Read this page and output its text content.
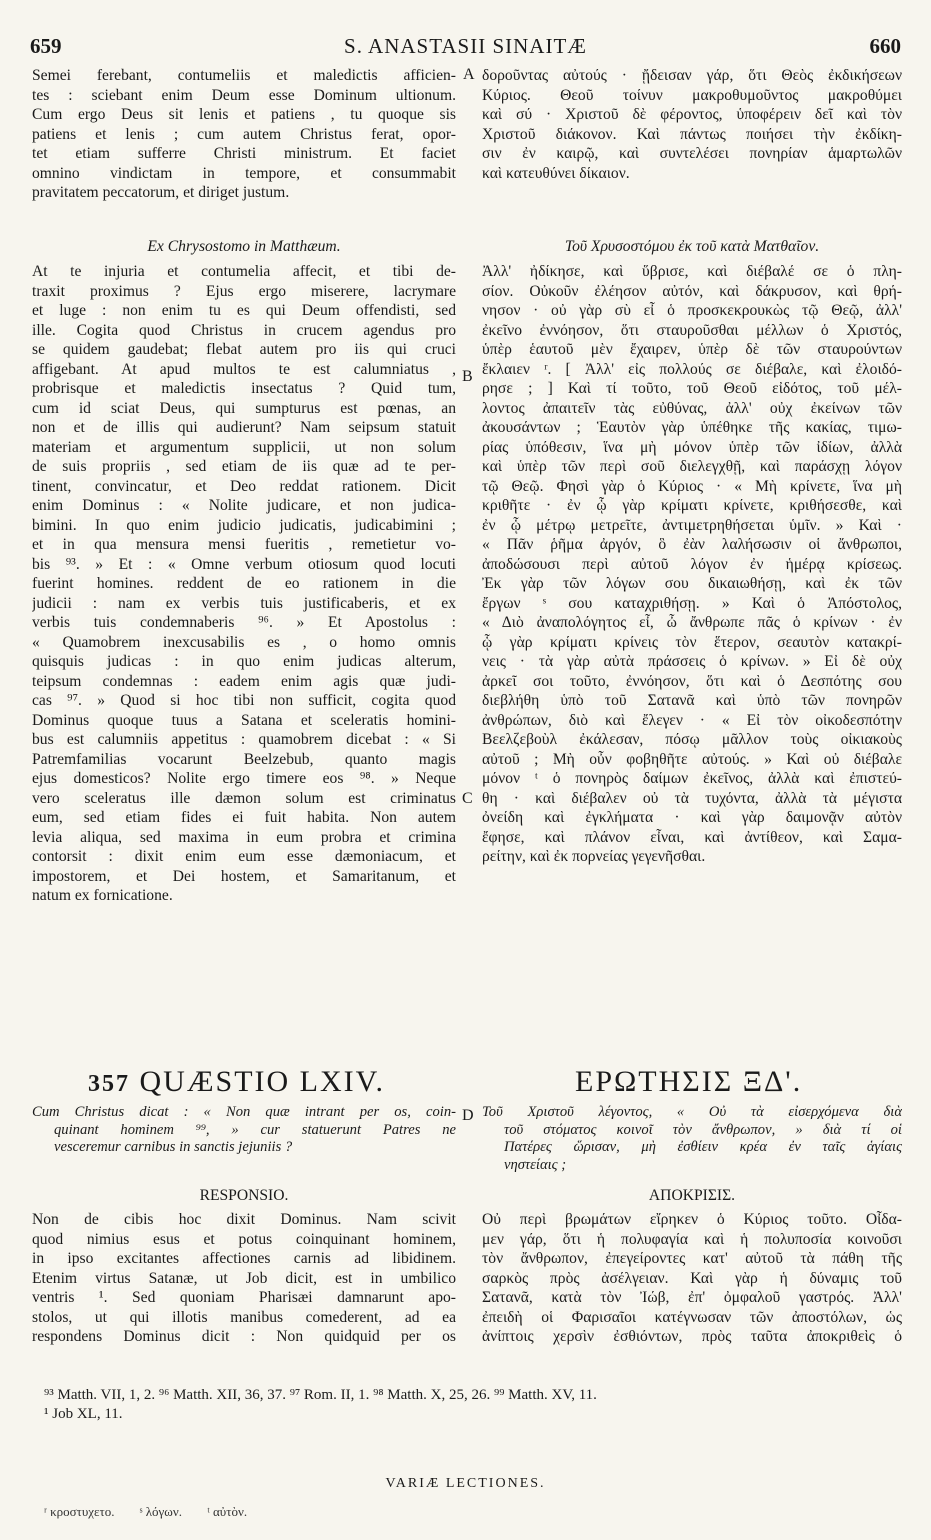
659	S. ANASTASII SINAITÆ	660
A
B
C
D
Semei ferebant, contumeliis et maledictis afficien-
tes : sciebant enim Deum esse Dominum ultionum.
Cum ergo Deus sit lenis et patiens , tu quoque sis
patiens et lenis ; cum autem Christus ferat, opor-
tet etiam sufferre Christi ministrum. Et faciet
omnino vindictam in tempore, et consummabit
pravitatem peccatorum, et diriget justum.
Ex Chrysostomo in Matthæum.
At te injuria et contumelia affecit, et tibi de-
traxit proximus ? Ejus ergo miserere, lacrymare
et luge : non enim tu es qui Deum offendisti, sed
ille. Cogita quod Christus in crucem agendus pro
se quidem gaudebat; flebat autem pro iis qui cruci
affigebant. At apud multos te est calumniatus ,
probrisque et maledictis insectatus ? Quid tum,
cum id sciat Deus, qui sumpturus est pœnas, an
non et de illis qui audierunt? Nam seipsum statuit
materiam et argumentum supplicii, ut non solum
de suis propriis , sed etiam de iis quæ ad te per-
tinent, convincatur, et Deo reddat rationem. Dicit
enim Dominus : « Nolite judicare, et non judica-
bimini. In quo enim judicio judicatis, judicabimini ;
et in qua mensura mensi fueritis , remetietur vo-
bis ⁹³. » Et : « Omne verbum otiosum quod locuti
fuerint homines. reddent de eo rationem in die
judicii : nam ex verbis tuis justificaberis, et ex
verbis tuis condemnaberis ⁹⁶. » Et Apostolus :
« Quamobrem inexcusabilis es , o homo omnis
quisquis judicas : in quo enim judicas alterum,
teipsum condemnas : eadem enim agis quæ judi-
cas ⁹⁷. » Quod si hoc tibi non sufficit, cogita quod
Dominus quoque tuus a Satana et sceleratis homini-
bus est calumniis appetitus : quamobrem dicebat : « Si
Patremfamilias vocarunt Beelzebub, quanto magis
ejus domesticos? Nolite ergo timere eos ⁹⁸. » Neque
vero sceleratus ille dæmon solum est criminatus
eum, sed etiam fides ei fuit habita. Non autem
levia aliqua, sed maxima in eum probra et crimina
contorsit : dixit enim eum esse dæmoniacum, et
impostorem, et Dei hostem, et Samaritanum, et
natum ex fornicatione.
δοροῦντας αὐτούς · ᾔδεισαν γάρ, ὅτι Θεὸς ἐκδικήσεων
Κύριος. Θεοῦ τοίνυν μακροθυμοῦντος μακροθύμει
καὶ σύ · Χριστοῦ δὲ φέροντος, ὑποφέρειν δεῖ καὶ τὸν
Χριστοῦ διάκονον. Καὶ πάντως ποιήσει τὴν ἐκδίκη-
σιν ἐν καιρῷ, καὶ συντελέσει πονηρίαν ἁμαρτωλῶν
καὶ κατευθύνει δίκαιον.
Τοῦ Χρυσοστόμου ἐκ τοῦ κατὰ Ματθαῖον.
Ἀλλ' ἠδίκησε, καὶ ὕβρισε, καὶ διέβαλέ σε ὁ πλη-
σίον. Οὐκοῦν ἐλέησον αὐτόν, καὶ δάκρυσον, καὶ θρή-
νησον · οὐ γὰρ σὺ εἶ ὁ προσκεκρουκὼς τῷ Θεῷ, ἀλλ'
ἐκεῖνο ἐννόησον, ὅτι σταυροῦσθαι μέλλων ὁ Χριστός,
ὑπὲρ ἑαυτοῦ μὲν ἔχαιρεν, ὑπὲρ δὲ τῶν σταυρούντων
ἔκλαιεν ʳ. [ Ἀλλ' εἰς πολλούς σε διέβαλε, καὶ ἐλοιδό-
ρησε ; ] Καὶ τί τοῦτο, τοῦ Θεοῦ εἰδότος, τοῦ μέλ-
λοντος ἀπαιτεῖν τὰς εὐθύνας, ἀλλ' οὐχ ἐκείνων τῶν
ἀκουσάντων ; Ἑαυτὸν γὰρ ὑπέθηκε τῆς κακίας, τιμω-
ρίας ὑπόθεσιν, ἵνα μὴ μόνον ὑπὲρ τῶν ἰδίων, ἀλλὰ
καὶ ὑπὲρ τῶν περὶ σοῦ διελεγχθῇ, καὶ παράσχῃ λόγον
τῷ Θεῷ. Φησὶ γὰρ ὁ Κύριος · « Μὴ κρίνετε, ἵνα μὴ
κριθῆτε · ἐν ᾧ γὰρ κρίματι κρίνετε, κριθήσεσθε, καὶ
ἐν ᾧ μέτρῳ μετρεῖτε, ἀντιμετρηθήσεται ὑμῖν. » Καὶ ·
« Πᾶν ῥῆμα ἀργόν, ὃ ἐὰν λαλήσωσιν οἱ ἄνθρωποι,
ἀποδώσουσι περὶ αὐτοῦ λόγον ἐν ἡμέρᾳ κρίσεως.
Ἐκ γὰρ τῶν λόγων σου δικαιωθήσῃ, καὶ ἐκ τῶν
ἔργων ˢ σου καταχριθήσῃ. » Καὶ ὁ Ἀπόστολος,
« Διὸ ἀναπολόγητος εἶ, ὦ ἄνθρωπε πᾶς ὁ κρίνων · ἐν
ᾧ γὰρ κρίματι κρίνεις τὸν ἕτερον, σεαυτὸν κατακρί-
νεις · τὰ γὰρ αὐτὰ πράσσεις ὁ κρίνων. » Εἰ δὲ οὐχ
ἀρκεῖ σοι τοῦτο, ἐννόησον, ὅτι καὶ ὁ Δεσπότης σου
διεβλήθη ὑπὸ τοῦ Σατανᾶ καὶ ὑπὸ τῶν πονηρῶν
ἀνθρώπων, διὸ καὶ ἔλεγεν · « Εἰ τὸν οἰκοδεσπότην
Βεελζεβοὺλ ἐκάλεσαν, πόσῳ μᾶλλον τοὺς οἰκιακοὺς
αὐτοῦ ; Μὴ οὖν φοβηθῆτε αὐτούς. » Καὶ οὐ διέβαλε
μόνον ᵗ ὁ πονηρὸς δαίμων ἐκεῖνος, ἀλλὰ καὶ ἐπιστεύ-
θη · καὶ διέβαλεν οὐ τὰ τυχόντα, ἀλλὰ τὰ μέγιστα
ὀνείδη καὶ ἐγκλήματα · καὶ γὰρ δαιμονᾷν αὐτὸν
ἔφησε, καὶ πλάνον εἶναι, καὶ ἀντίθεον, καὶ Σαμα-
ρείτην, καὶ ἐκ πορνείας γεγενῆσθαι.
357 QUÆSTIO LXIV.	ΕΡΩΤΗΣΙΣ ΞΔ'.
Cum Christus dicat : « Non quæ intrant per os, coin-
quinant hominem ⁹⁹, » cur statuerunt Patres ne
vesceremur carnibus in sanctis jejuniis ?
Τοῦ Χριστοῦ λέγοντος, « Οὐ τὰ εἰσερχόμενα διὰ
τοῦ στόματος κοινοῖ τὸν ἄνθρωπον, » διὰ τί οἱ
Πατέρες ὥρισαν, μὴ ἐσθίειν κρέα ἐν ταῖς ἁγίαις
νηστείαις ;
RESPONSIO.	ΑΠΟΚΡΙΣΙΣ.
Non de cibis hoc dixit Dominus. Nam scivit
quod nimius esus et potus coinquinant hominem,
in ipso excitantes affectiones carnis ad libidinem.
Etenim virtus Satanæ, ut Job dicit, est in umbilico
ventris ¹. Sed quoniam Pharisæi damnarunt apo-
stolos, ut qui illotis manibus comederent, ad ea
respondens Dominus dicit : Non quidquid per os
Οὐ περὶ βρωμάτων εἴρηκεν ὁ Κύριος τοῦτο. Οἶδα-
μεν γάρ, ὅτι ἡ πολυφαγία καὶ ἡ πολυποσία κοινοῦσι
τὸν ἄνθρωπον, ἐπεγείροντες κατ' αὐτοῦ τὰ πάθη τῆς
σαρκὸς πρὸς ἀσέλγειαν. Καὶ γὰρ ἡ δύναμις τοῦ
Σατανᾶ, κατὰ τὸν Ἰώβ, ἐπ' ὀμφαλοῦ γαστρός. Ἀλλ'
ἐπειδὴ οἱ Φαρισαῖοι κατέγνωσαν τῶν ἀποστόλων, ὡς
ἀνίπτοις χερσὶν ἐσθιόντων, πρὸς ταῦτα ἀποκριθεὶς ὁ
⁹³ Matth. VII, 1, 2. ⁹⁶ Matth. XII, 36, 37. ⁹⁷ Rom. II, 1. ⁹⁸ Matth. X, 25, 26. ⁹⁹ Matth. XV, 11.
¹ Job XL, 11.
VARIÆ LECTIONES.
ʳ κροστυχετο. ˢ λόγων. ᵗ αὐτὸν.
